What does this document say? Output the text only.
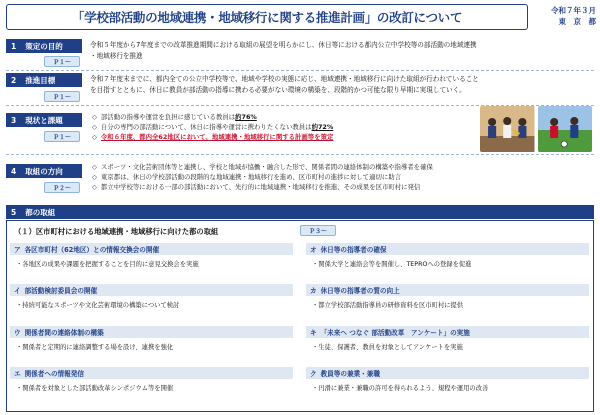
「学校部活動の地域連携・地域移行に関する推進計画」の改訂について	令和７年３月
東　京　都
1 策定の目的
Ｐ１～
令和５年度から7年度までの改革推進期間における取組の展望を明らかにし、休日等における都内公立中学校等の部活動の地域連携
・地域移行を推進
2 推進目標
Ｐ１～
令和７年度末までに、都内全ての公立中学校等で、地域や学校の実態に応じ、地域連携・地域移行に向けた取組が行われていること
を目指すとともに、休日に教員が部活動の指導に携わる必要がない環境の構築を、段階的かつ可能な限り早期に実現していく。
3 現状と課題
Ｐ１～
◇ 部活動の指導や運営を負担に感じている教員は約76%
◇ 自分の専門の部活動について、休日に指導や運営に携わりたくない教員は約72%
◇ 令和６年度、都内全62地区において、地域連携・地域移行に関する計画等を策定
4 取組の方向
Ｐ２～
◇ スポーツ・文化芸術団体等と連携し、学校と地域が協働・融合した形で、関係者間の連絡体制の構築や指導者を確保
◇ 東京都は、休日の学校部活動の段階的な地域連携・地域移行を進め、区市町村の進捗に対して適切に助言
◇ 都立中学校等における一部の部活動において、先行的に地域連携・地域移行を推進、その成果を区市町村に発信
5 都の取組
（１）区市町村における地域連携・地域移行に向けた都の取組	Ｐ３～
ア 各区市町村（62地区）との情報交換会の開催
・各地区の成果や課題を把握することを目的に意見交換会を実施
イ 部活動検討委員会の開催
・持続可能なスポーツや文化芸術環境の構築について検討
ウ 関係者間の連絡体制の構築
・関係者と定期的に連絡調整する場を設け、連携を強化
エ 関係者への情報発信
・関係者を対象とした部活動改革シンポジウム等を開催
オ 休日等の指導者の確保
・関係大学と連絡会等を開催し、TEPROへの登録を促進
カ 休日等の指導者の質の向上
・都立学校部活動指導員の研修資料を区市町村に提供
キ 「未来へ つなぐ 部活動改革　アンケート」の実施
・生徒、保護者、教員を対象としてアンケートを実施
ク 教員等の兼業・兼職
・円滑に兼業・兼職の許可を得られるよう、規程や運用の改善
